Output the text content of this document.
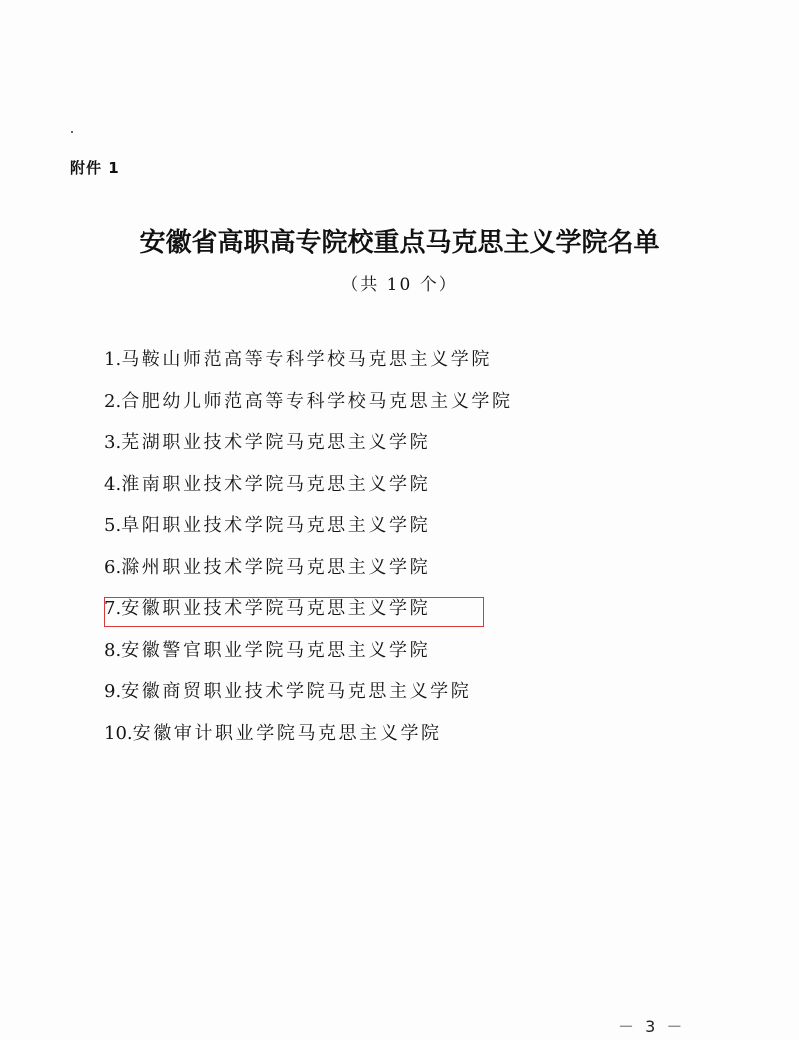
附件 1
安徽省高职高专院校重点马克思主义学院名单
（共 10 个）
1.马鞍山师范高等专科学校马克思主义学院
2.合肥幼儿师范高等专科学校马克思主义学院
3.芜湖职业技术学院马克思主义学院
4.淮南职业技术学院马克思主义学院
5.阜阳职业技术学院马克思主义学院
6.滁州职业技术学院马克思主义学院
7.安徽职业技术学院马克思主义学院
8.安徽警官职业学院马克思主义学院
9.安徽商贸职业技术学院马克思主义学院
10.安徽审计职业学院马克思主义学院
－ 3 －
